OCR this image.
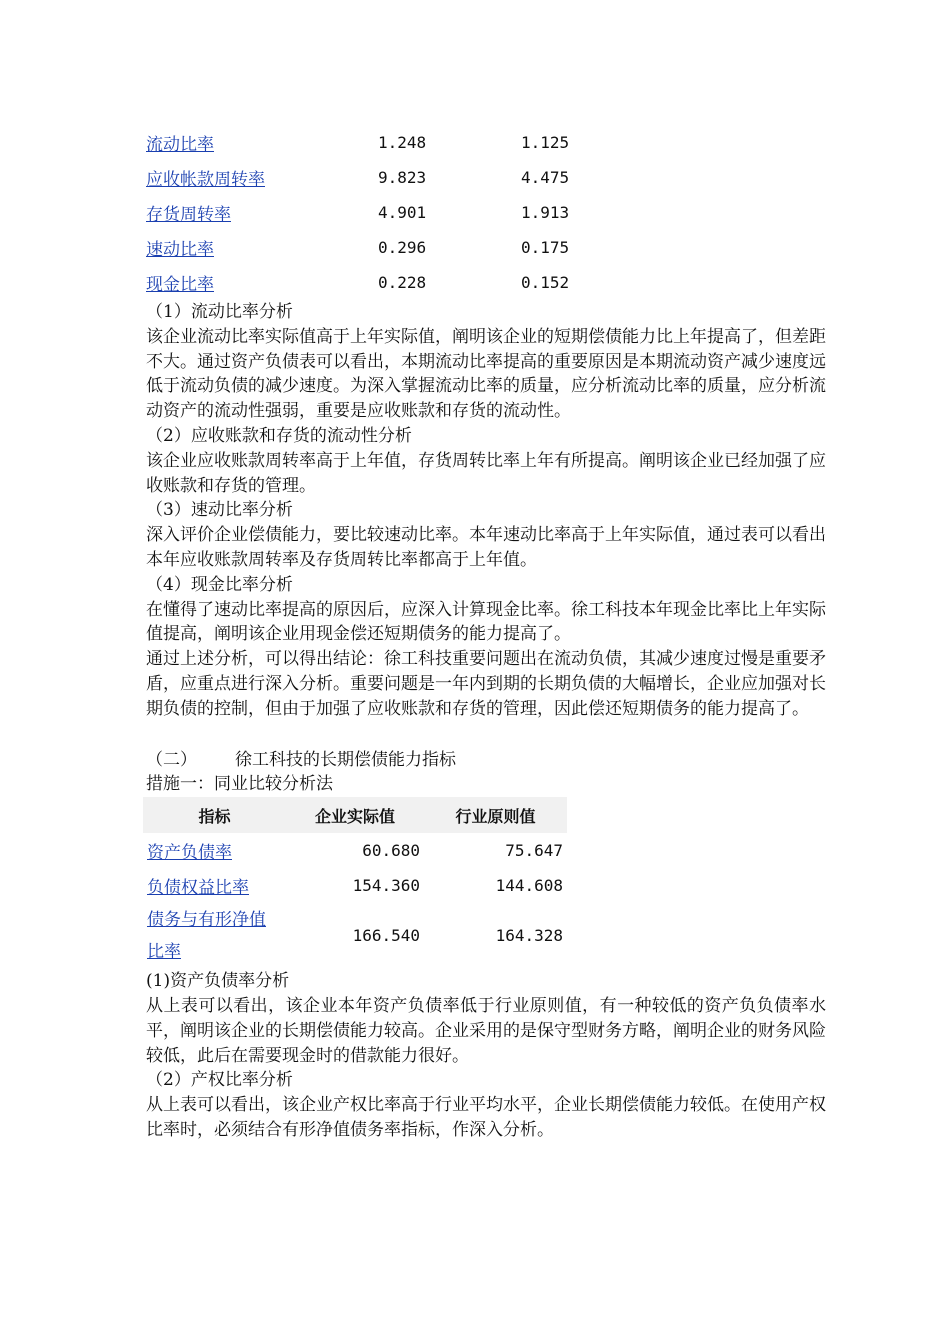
流动比率	1.248	1.125
应收帐款周转率	9.823	4.475
存货周转率	4.901	1.913
速动比率	0.296	0.175
现金比率	0.228	0.152

（1）流动比率分析

该企业流动比率实际值高于上年实际值，阐明该企业的短期偿债能力比上年提高了，但差距不大。通过资产负债表可以看出，本期流动比率提高的重要原因是本期流动资产减少速度远低于流动负债的减少速度。为深入掌握流动比率的质量，应分析流动比率的质量，应分析流动资产的流动性强弱，重要是应收账款和存货的流动性。

（2）应收账款和存货的流动性分析

该企业应收账款周转率高于上年值，存货周转比率上年有所提高。阐明该企业已经加强了应收账款和存货的管理。

（3）速动比率分析

深入评价企业偿债能力，要比较速动比率。本年速动比率高于上年实际值，通过表可以看出本年应收账款周转率及存货周转比率都高于上年值。

（4）现金比率分析

在懂得了速动比率提高的原因后，应深入计算现金比率。徐工科技本年现金比率比上年实际值提高，阐明该企业用现金偿还短期债务的能力提高了。

通过上述分析，可以得出结论：徐工科技重要问题出在流动负债，其减少速度过慢是重要矛盾，应重点进行深入分析。重要问题是一年内到期的长期负债的大幅增长，企业应加强对长期负债的控制，但由于加强了应收账款和存货的管理，因此偿还短期债务的能力提高了。

（二） 徐工科技的长期偿债能力指标

措施一：同业比较分析法

指标	企业实际值	行业原则值
资产负债率	60.680	75.647
负债权益比率	154.360	144.608
债务与有形净值
比率	166.540	164.328

(1)资产负债率分析

从上表可以看出，该企业本年资产负债率低于行业原则值，有一种较低的资产负负债率水平，阐明该企业的长期偿债能力较高。企业采用的是保守型财务方略，阐明企业的财务风险较低，此后在需要现金时的借款能力很好。

（2）产权比率分析

从上表可以看出，该企业产权比率高于行业平均水平，企业长期偿债能力较低。在使用产权比率时，必须结合有形净值债务率指标，作深入分析。
